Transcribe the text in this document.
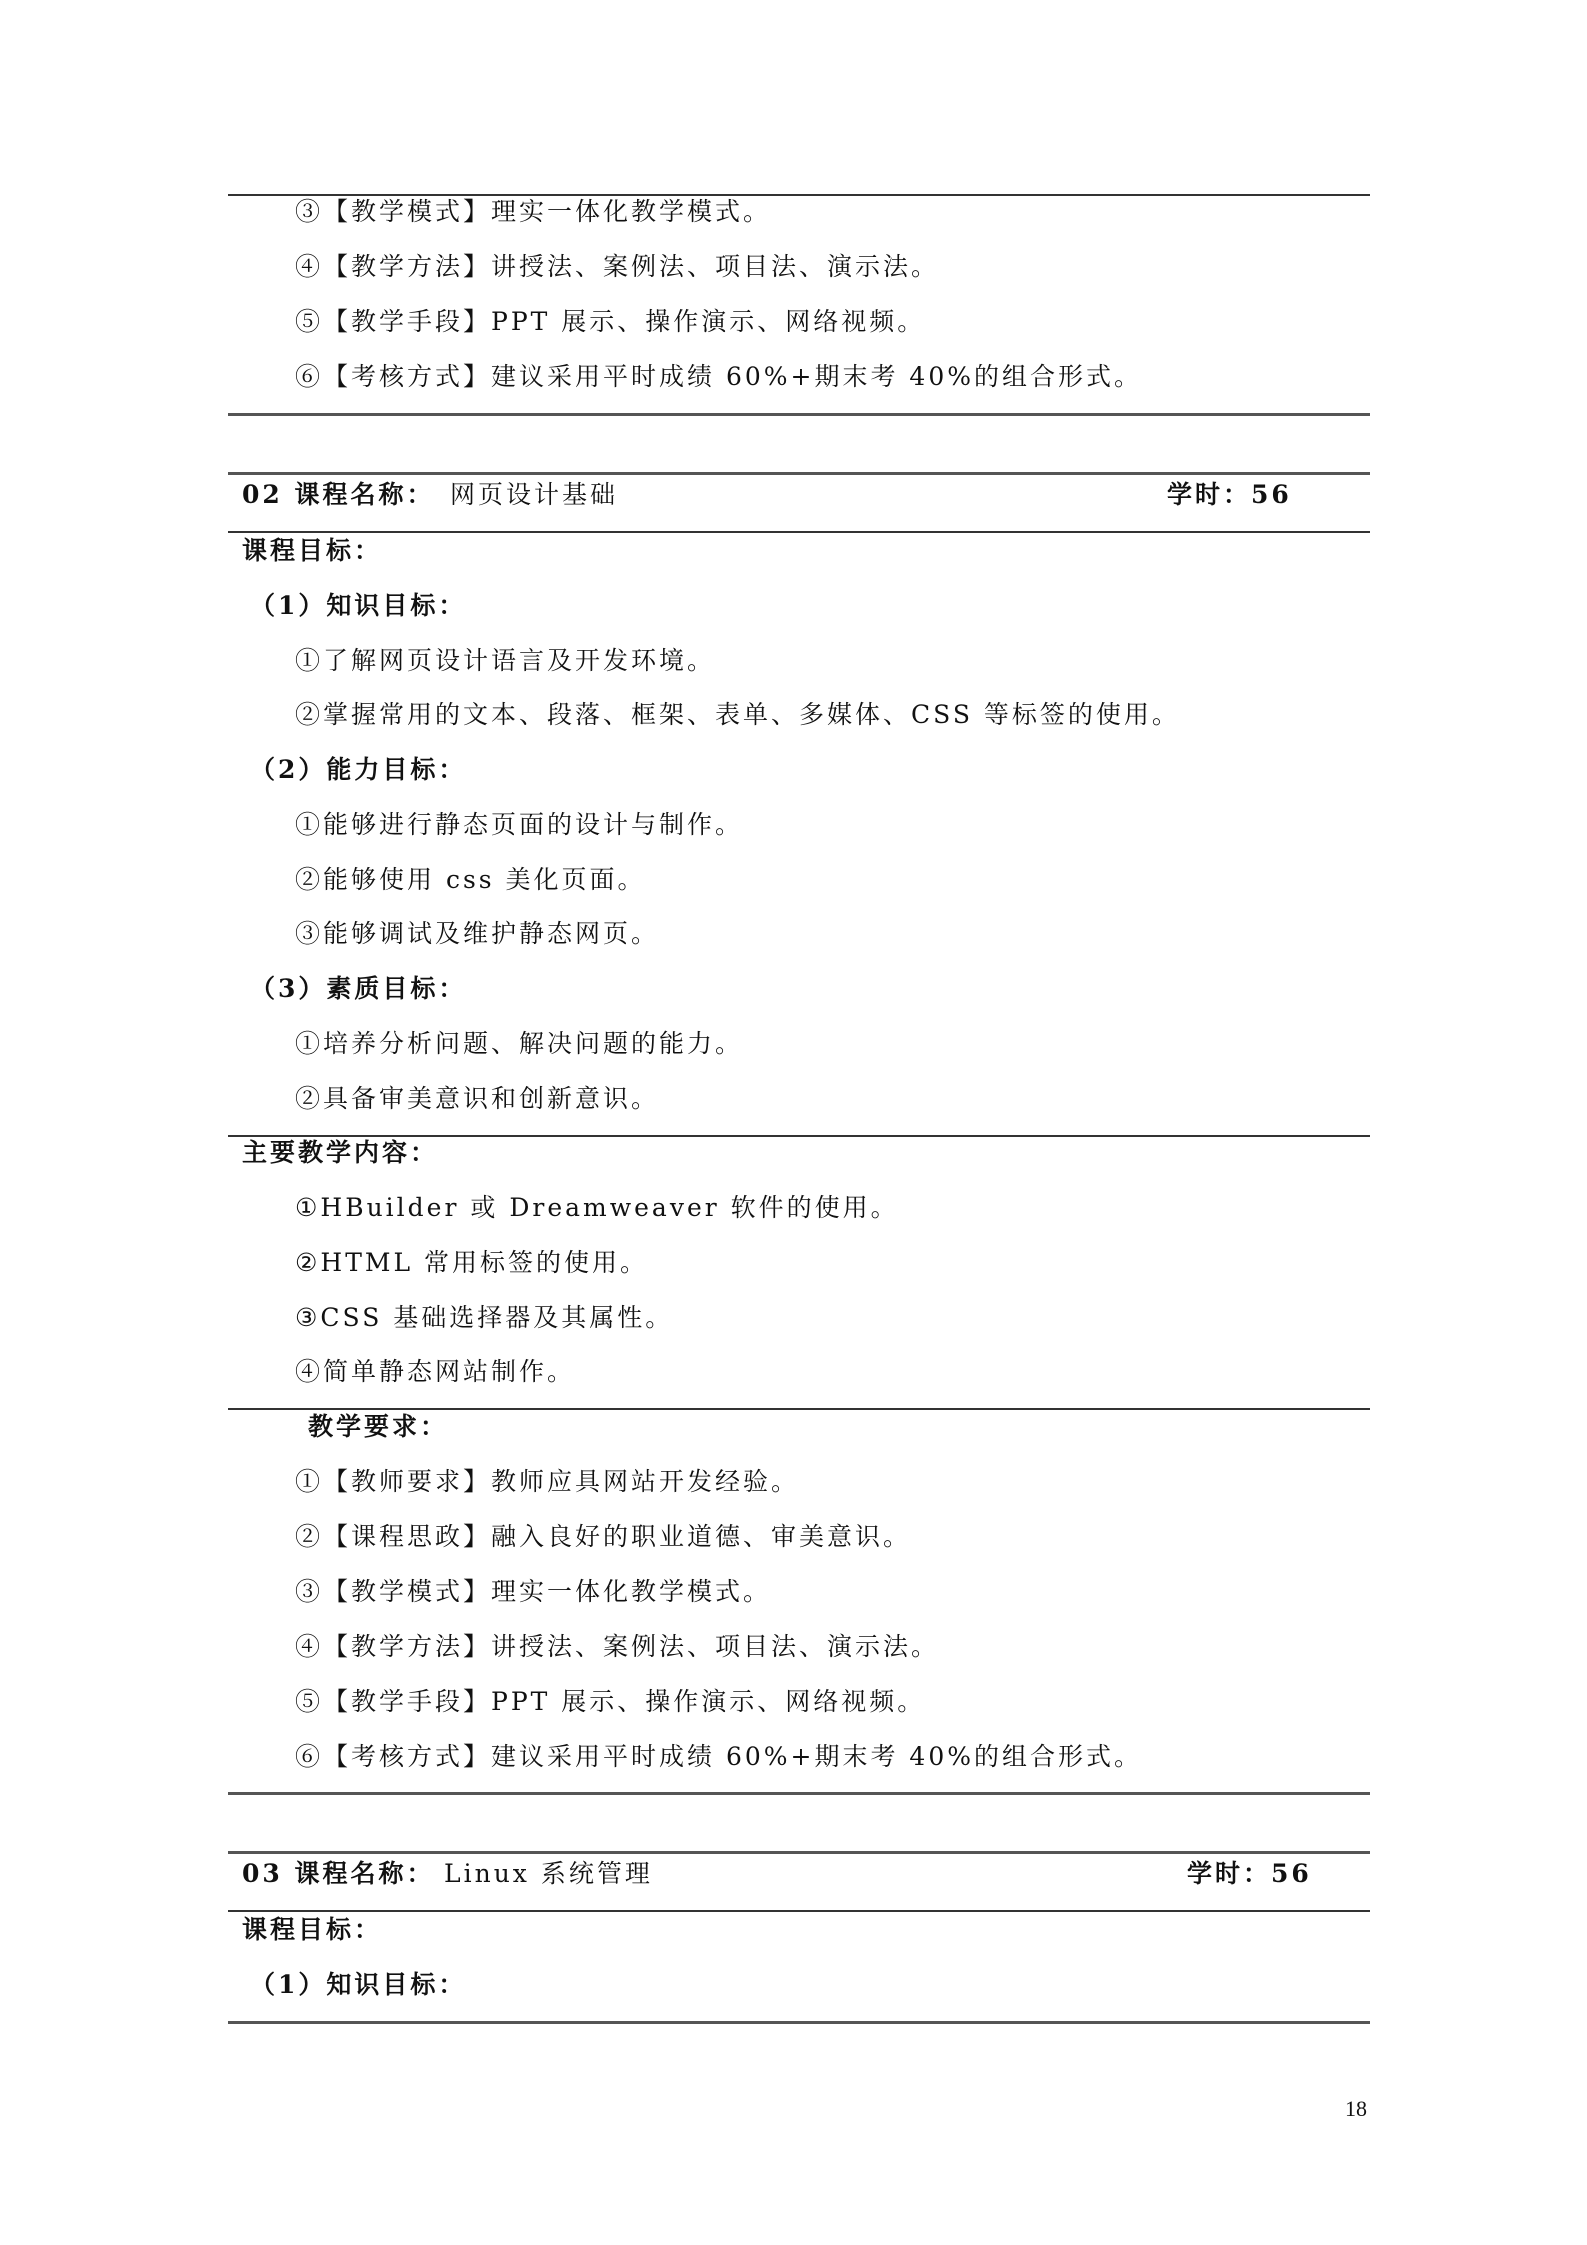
③【教学模式】理实一体化教学模式。
④【教学方法】讲授法、案例法、项目法、演示法。
⑤【教学手段】PPT 展示、操作演示、网络视频。
⑥【考核方式】建议采用平时成绩 60%+期末考 40%的组合形式。
02 课程名称： 网页设计基础	学时：56
课程目标：
（1）知识目标：
①了解网页设计语言及开发环境。
②掌握常用的文本、段落、框架、表单、多媒体、CSS 等标签的使用。
（2）能力目标：
①能够进行静态页面的设计与制作。
②能够使用 css 美化页面。
③能够调试及维护静态网页。
（3）素质目标：
①培养分析问题、解决问题的能力。
②具备审美意识和创新意识。
主要教学内容：
①HBuilder 或 Dreamweaver 软件的使用。
②HTML 常用标签的使用。
③CSS 基础选择器及其属性。
④简单静态网站制作。
教学要求：
①【教师要求】教师应具网站开发经验。
②【课程思政】融入良好的职业道德、审美意识。
③【教学模式】理实一体化教学模式。
④【教学方法】讲授法、案例法、项目法、演示法。
⑤【教学手段】PPT 展示、操作演示、网络视频。
⑥【考核方式】建议采用平时成绩 60%+期末考 40%的组合形式。
03 课程名称： Linux 系统管理	学时：56
课程目标：
（1）知识目标：
18
